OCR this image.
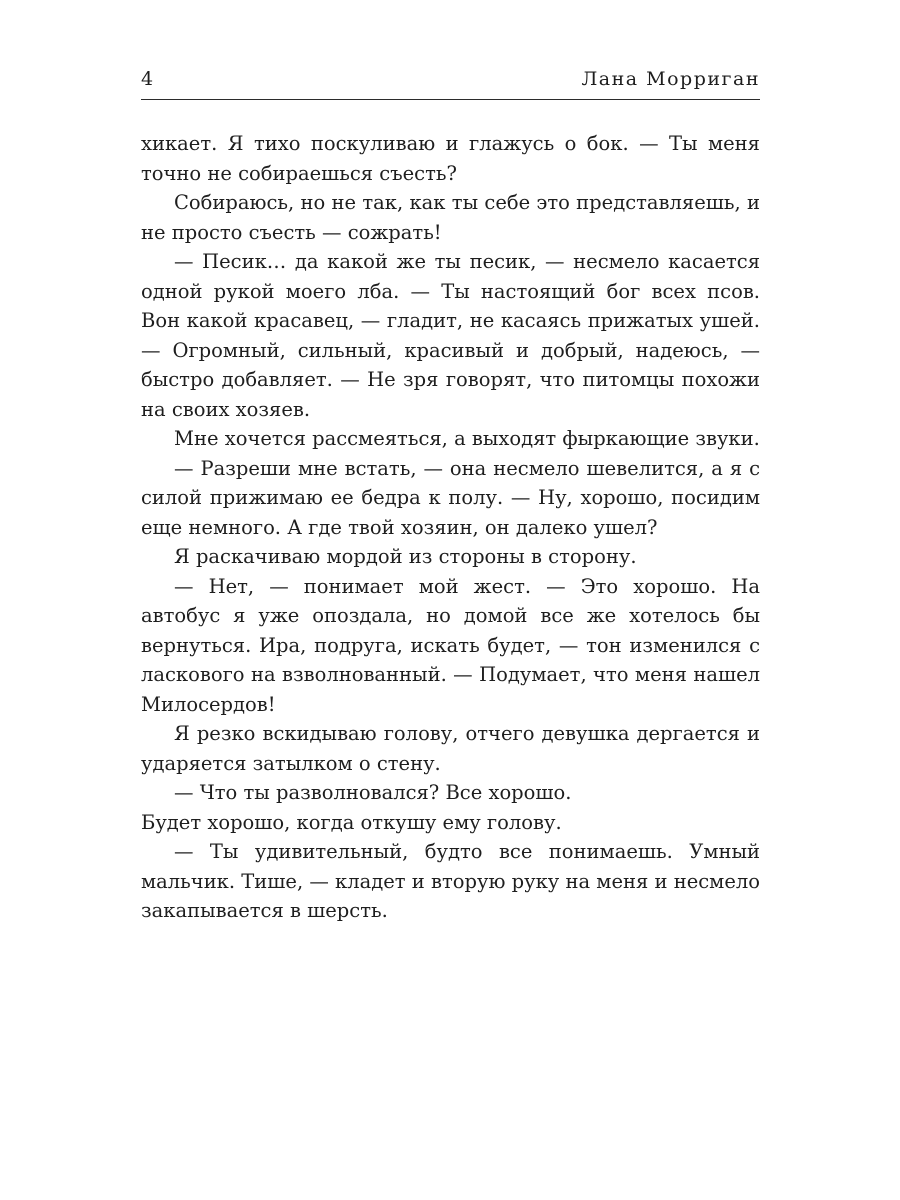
4	Лана Морриган

хикает. Я тихо поскуливаю и глажусь о бок. — Ты меня точно не собираешься съесть?

Собираюсь, но не так, как ты себе это представляешь, и не просто съесть — сожрать!

— Песик… да какой же ты песик, — несмело касается одной рукой моего лба. — Ты настоящий бог всех псов. Вон какой красавец, — гладит, не касаясь прижатых ушей. — Огромный, сильный, красивый и добрый, надеюсь, — быстро добавляет. — Не зря говорят, что питомцы похожи на своих хозяев.

Мне хочется рассмеяться, а выходят фыркающие звуки.

— Разреши мне встать, — она несмело шевелится, а я с силой прижимаю ее бедра к полу. — Ну, хорошо, посидим еще немного. А где твой хозяин, он далеко ушел?

Я раскачиваю мордой из стороны в сторону.

— Нет, — понимает мой жест. — Это хорошо. На автобус я уже опоздала, но домой все же хотелось бы вернуться. Ира, подруга, искать будет, — тон изменился с ласкового на взволнованный. — Подумает, что меня нашел Милосердов!

Я резко вскидываю голову, отчего девушка дергается и ударяется затылком о стену.

— Что ты разволновался? Все хорошо.

Будет хорошо, когда откушу ему голову.

— Ты удивительный, будто все понимаешь. Умный мальчик. Тише, — кладет и вторую руку на меня и несмело закапывается в шерсть.
